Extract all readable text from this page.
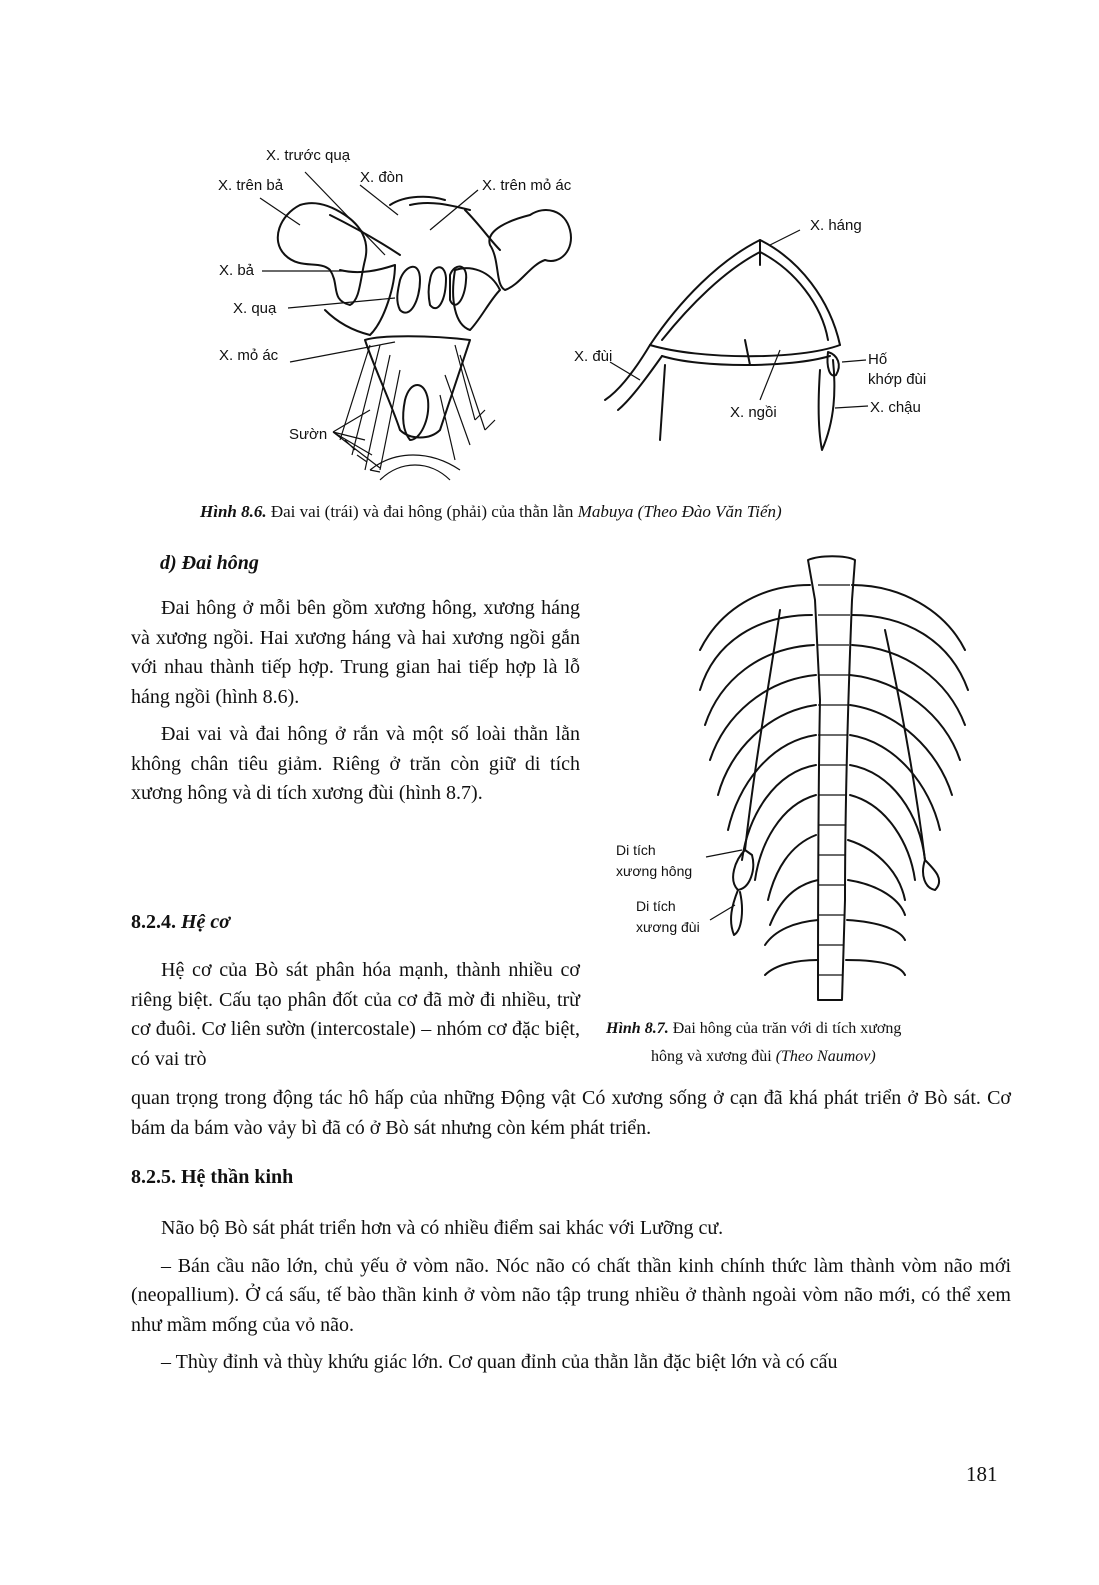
X. trước quạ
X. trên bả	X. đòn	X. trên mỏ ác
X. bả
X. quạ
X. mỏ ác
Sườn
X. háng
X. đùi
X. ngồi
Hố
khớp đùi
X. chậu
Hình 8.6. Đai vai (trái) và đai hông (phải) của thằn lằn Mabuya (Theo Đào Văn Tiến)
d) Đai hông

Đai hông ở mỗi bên gồm xương hông, xương háng và xương ngồi. Hai xương háng và hai xương ngồi gắn với nhau thành tiếp hợp. Trung gian hai tiếp hợp là lỗ háng ngồi (hình 8.6).

Đai vai và đai hông ở rắn và một số loài thằn lằn không chân tiêu giảm. Riêng ở trăn còn giữ di tích xương hông và di tích xương đùi (hình 8.7).

Di tích
xương hông
Di tích
xương đùi
Hình 8.7. Đai hông của trăn với di tích xương
hông và xương đùi (Theo Naumov)
8.2.4. Hệ cơ

Hệ cơ của Bò sát phân hóa mạnh, thành nhiều cơ riêng biệt. Cấu tạo phân đốt của cơ đã mờ đi nhiều, trừ cơ đuôi. Cơ liên sườn (intercostale) – nhóm cơ đặc biệt, có vai trò

quan trọng trong động tác hô hấp của những Động vật Có xương sống ở cạn đã khá phát triển ở Bò sát. Cơ bám da bám vào vảy bì đã có ở Bò sát nhưng còn kém phát triển.

8.2.5. Hệ thần kinh

Não bộ Bò sát phát triển hơn và có nhiều điểm sai khác với Lưỡng cư.

– Bán cầu não lớn, chủ yếu ở vòm não. Nóc não có chất thần kinh chính thức làm thành vòm não mới (neopallium). Ở cá sấu, tế bào thần kinh ở vòm não tập trung nhiều ở thành ngoài vòm não mới, có thể xem như mầm mống của vỏ não.

– Thùy đỉnh và thùy khứu giác lớn. Cơ quan đỉnh của thằn lằn đặc biệt lớn và có cấu

181
